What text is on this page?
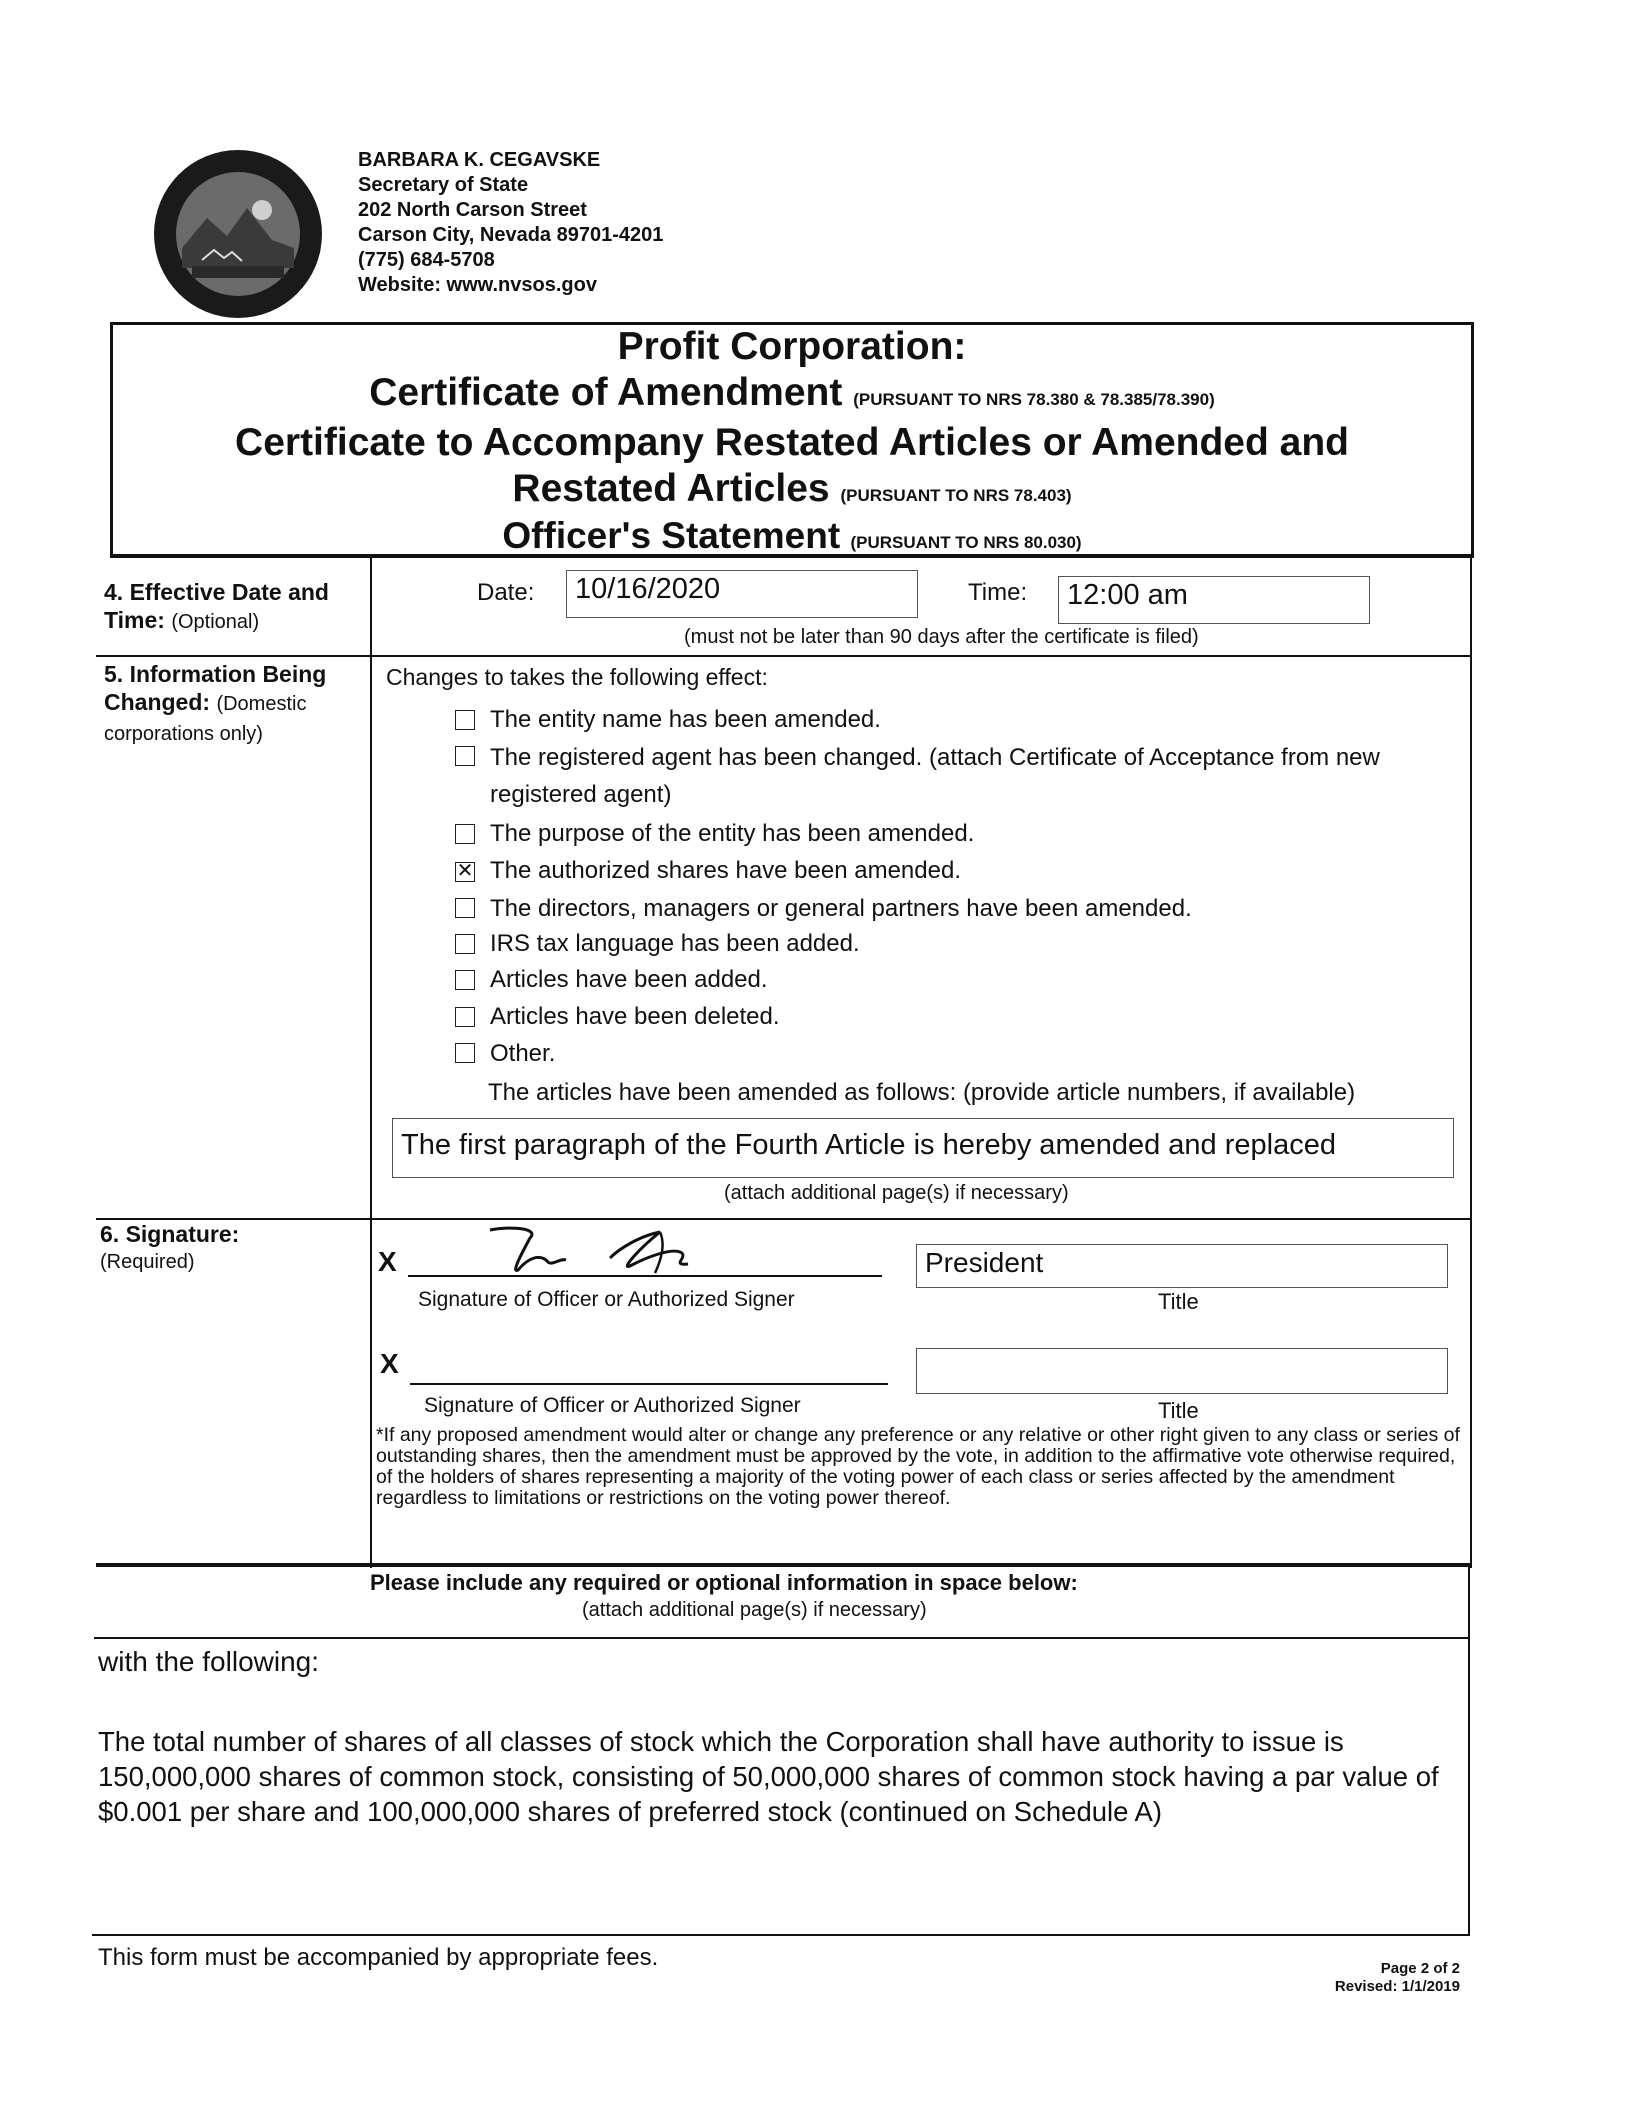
BARBARA K. CEGAVSKE
Secretary of State
202 North Carson Street
Carson City, Nevada 89701-4201
(775) 684-5708
Website: www.nvsos.gov
Profit Corporation:
Certificate of Amendment (PURSUANT TO NRS 78.380 & 78.385/78.390)
Certificate to Accompany Restated Articles or Amended and
Restated Articles (PURSUANT TO NRS 78.403)
Officer's Statement (PURSUANT TO NRS 80.030)
4. Effective Date and Time: (Optional)
Date:	10/16/2020	Time:	12:00 am
(must not be later than 90 days after the certificate is filed)
5. Information Being Changed: (Domestic corporations only)
Changes to takes the following effect:
The entity name has been amended.
The registered agent has been changed. (attach Certificate of Acceptance from new
registered agent)
The purpose of the entity has been amended.
✕ The authorized shares have been amended.
The directors, managers or general partners have been amended.
IRS tax language has been added.
Articles have been added.
Articles have been deleted.
Other.
The articles have been amended as follows: (provide article numbers, if available)
The first paragraph of the Fourth Article is hereby amended and replaced
(attach additional page(s) if necessary)
6. Signature:
(Required)	X
Signature of Officer or Authorized Signer
President
Title
X
Signature of Officer or Authorized Signer	Title
*If any proposed amendment would alter or change any preference or any relative or other right given to any class or series of outstanding shares, then the amendment must be approved by the vote, in addition to the affirmative vote otherwise required, of the holders of shares representing a majority of the voting power of each class or series affected by the amendment regardless to limitations or restrictions on the voting power thereof.
Please include any required or optional information in space below:
(attach additional page(s) if necessary)
with the following:
The total number of shares of all classes of stock which the Corporation shall have authority to issue is 150,000,000 shares of common stock, consisting of 50,000,000 shares of common stock having a par value of $0.001 per share and 100,000,000 shares of preferred stock (continued on Schedule A)
This form must be accompanied by appropriate fees.	Page 2 of 2
Revised: 1/1/2019
